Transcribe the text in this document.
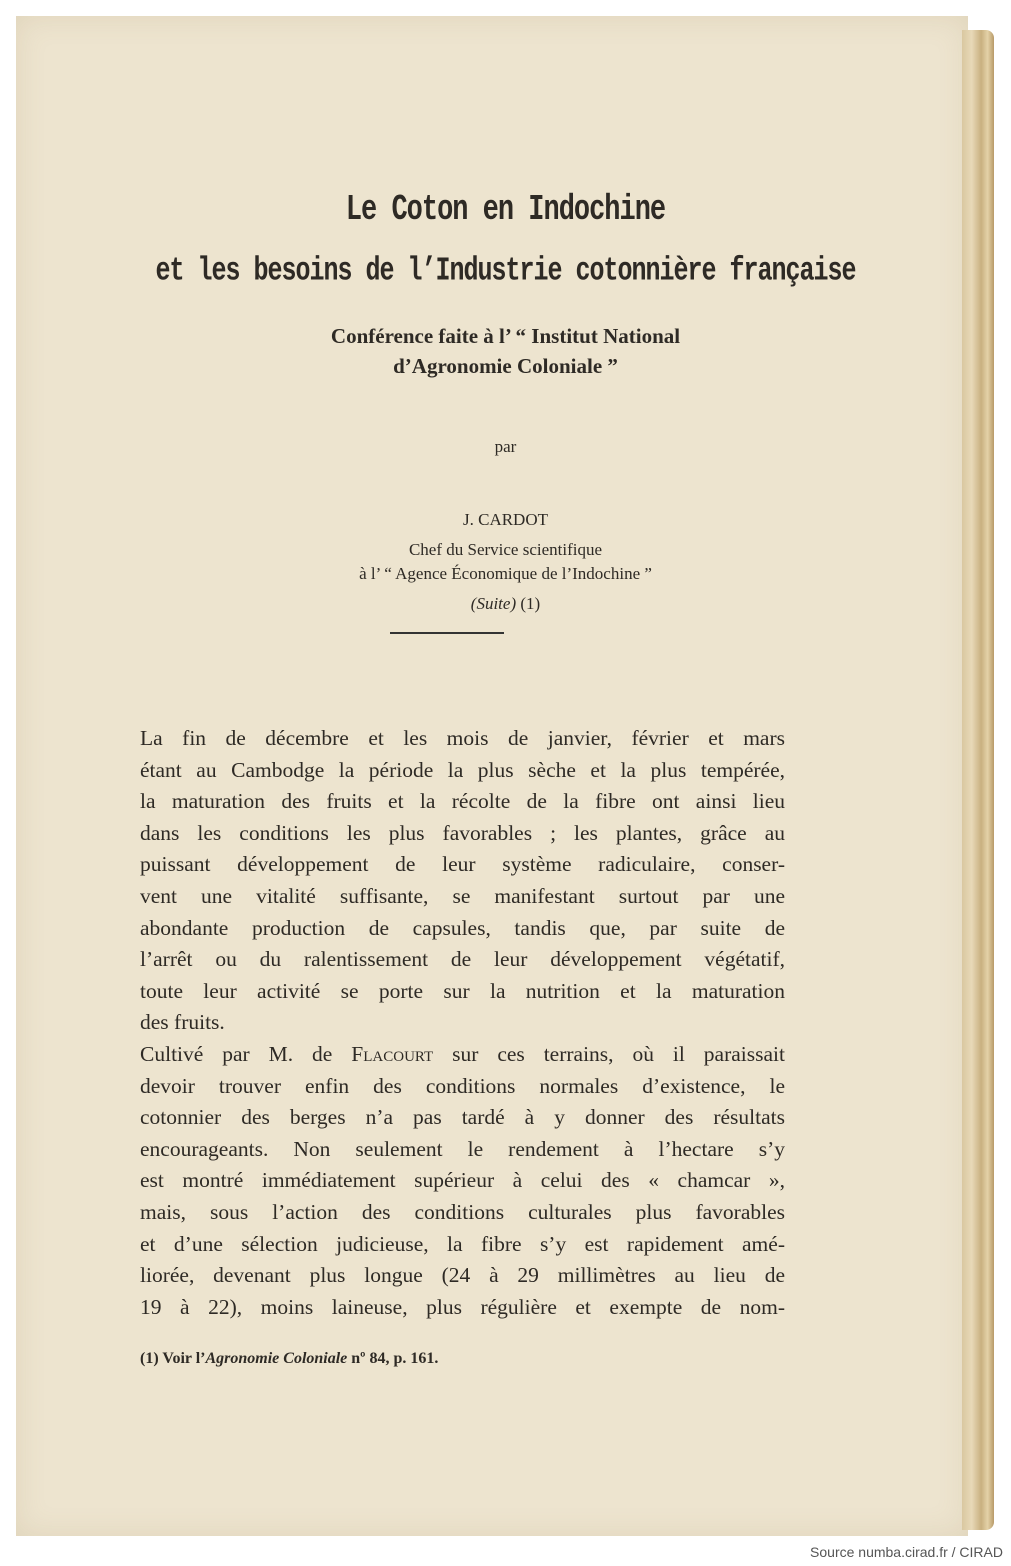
Le Coton en Indochine
et les besoins de l’Industrie cotonnière française
Conférence faite à l’ “ Institut National
d’Agronomie Coloniale ”
par
J. CARDOT
Chef du Service scientifique
à l’ “ Agence Économique de l’Indochine ”
(Suite) (1)
La fin de décembre et les mois de janvier, février et mars
étant au Cambodge la période la plus sèche et la plus tempérée,
la maturation des fruits et la récolte de la fibre ont ainsi lieu
dans les conditions les plus favorables ; les plantes, grâce au
puissant développement de leur système radiculaire, conser-
vent une vitalité suffisante, se manifestant surtout par une
abondante production de capsules, tandis que, par suite de
l’arrêt ou du ralentissement de leur développement végétatif,
toute leur activité se porte sur la nutrition et la maturation
des fruits.
Cultivé par M. de Flacourt sur ces terrains, où il paraissait
devoir trouver enfin des conditions normales d’existence, le
cotonnier des berges n’a pas tardé à y donner des résultats
encourageants. Non seulement le rendement à l’hectare s’y
est montré immédiatement supérieur à celui des « chamcar »,
mais, sous l’action des conditions culturales plus favorables
et d’une sélection judicieuse, la fibre s’y est rapidement amé-
liorée, devenant plus longue (24 à 29 millimètres au lieu de
19 à 22), moins laineuse, plus régulière et exempte de nom-
(1) Voir l’Agronomie Coloniale nº 84, p. 161.
Source numba.cirad.fr / CIRAD
